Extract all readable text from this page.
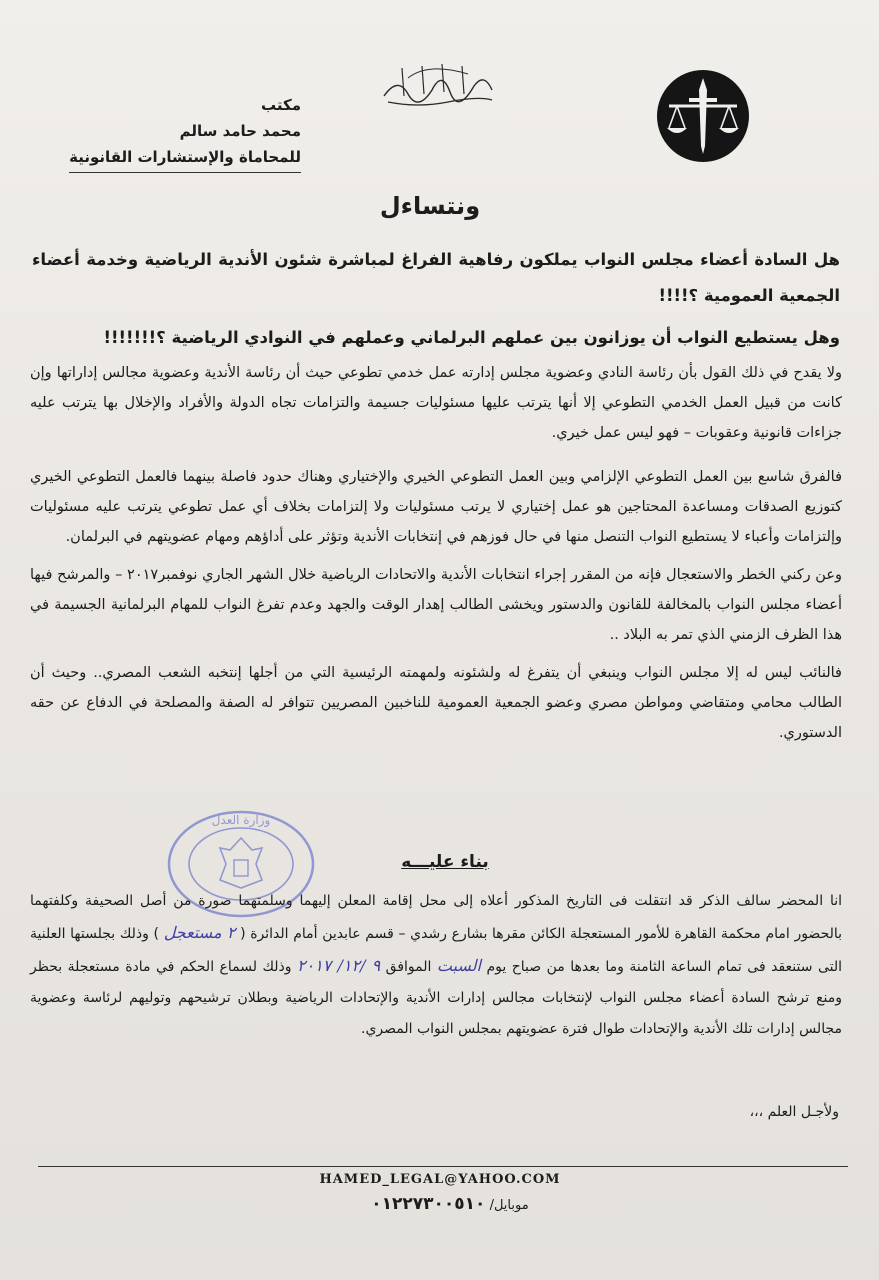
مكتب
محمد حامد سالم
للمحاماة والإستشارات القانونية
ونتساءل
هل السادة أعضاء مجلس النواب يملكون رفاهية الفراغ لمباشرة شئون الأندية الرياضية وخدمة أعضاء الجمعية العمومية ؟!!!!
وهل يستطيع النواب أن يوزانون بين عملهم البرلماني وعملهم في النوادي الرياضية ؟!!!!!!!

ولا يقدح في ذلك القول بأن رئاسة النادي وعضوية مجلس إدارته عمل خدمي تطوعي حيث أن رئاسة الأندية وعضوية مجالس إداراتها وإن كانت من قبيل العمل الخدمي التطوعي إلا أنها يترتب عليها مسئوليات جسيمة والتزامات تجاه الدولة والأفراد والإخلال بها يترتب عليه جزاءات قانونية وعقوبات – فهو ليس عمل خيري.

فالفرق شاسع بين العمل التطوعي الإلزامي وبين العمل التطوعي الخيري والإختياري وهناك حدود فاصلة بينهما فالعمل التطوعي الخيري كتوزيع الصدقات ومساعدة المحتاجين هو عمل إختياري لا يرتب مسئوليات ولا إلتزامات بخلاف أي عمل تطوعي يترتب عليه مسئوليات وإلتزامات وأعباء لا يستطيع النواب التنصل منها في حال فوزهم في إنتخابات الأندية وتؤثر على أداؤهم ومهام عضويتهم في البرلمان.

وعن ركني الخطر والاستعجال فإنه من المقرر إجراء انتخابات الأندية والاتحادات الرياضية خلال الشهر الجاري نوفمبر٢٠١٧ – والمرشح فيها أعضاء مجلس النواب بالمخالفة للقانون والدستور ويخشى الطالب إهدار الوقت والجهد وعدم تفرغ النواب للمهام البرلمانية الجسيمة في هذا الظرف الزمني الذي تمر به البلاد ..

فالنائب ليس له إلا مجلس النواب وينبغي أن يتفرغ له ولشئونه ولمهمته الرئيسية التي من أجلها إنتخبه الشعب المصري.. وحيث أن الطالب محامي ومتقاضي ومواطن مصري وعضو الجمعية العمومية للناخبين المصريين تتوافر له الصفة والمصلحة في الدفاع عن حقه الدستوري.

وزارة العدل
بناء عليـــه
انا المحضر سالف الذكر قد انتقلت فى التاريخ المذكور أعلاه إلى محل إقامة المعلن إليهما وسلمتهما صورة من أصل الصحيفة وكلفتهما بالحضور امام محكمة القاهرة للأمور المستعجلة الكائن مقرها بشارع رشدي – قسم عابدين أمام الدائرة ( ٢ مستعجل ) وذلك بجلستها العلنية التى ستنعقد فى تمام الساعة الثامنة وما بعدها من صباح يوم السبت الموافق ٩ /١٢/ ٢٠١٧ وذلك لسماع الحكم في مادة مستعجلة بحظر ومنع ترشح السادة أعضاء مجلس النواب لإنتخابات مجالس إدارات الأندية والإتحادات الرياضية وبطلان ترشيحهم وتوليهم لرئاسة وعضوية مجالس إدارات تلك الأندية والإتحادات طوال فترة عضويتهم بمجلس النواب المصري.
ولأجـل العلم ،،،
HAMED_LEGAL@YAHOO.COM
موبايل/ ٠١٢٢٧٣٠٠٥١٠
